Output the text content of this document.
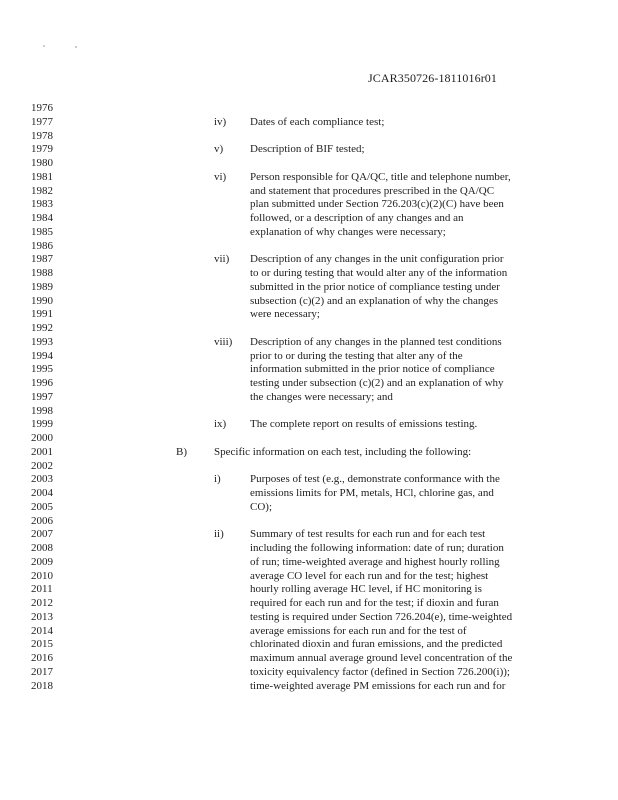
JCAR350726-1811016r01
1976
1977
1978
1979
1980
1981
1982
1983
1984
1985
1986
1987
1988
1989
1990
1991
1992
1993
1994
1995
1996
1997
1998
1999
2000
2001
2002
2003
2004
2005
2006
2007
2008
2009
2010
2011
2012
2013
2014
2015
2016
2017
2018
iv) Dates of each compliance test;
v) Description of BIF tested;
vi) Person responsible for QA/QC, title and telephone number,
and statement that procedures prescribed in the QA/QC
plan submitted under Section 726.203(c)(2)(C) have been
followed, or a description of any changes and an
explanation of why changes were necessary;
vii) Description of any changes in the unit configuration prior
to or during testing that would alter any of the information
submitted in the prior notice of compliance testing under
subsection (c)(2) and an explanation of why the changes
were necessary;
viii) Description of any changes in the planned test conditions
prior to or during the testing that alter any of the
information submitted in the prior notice of compliance
testing under subsection (c)(2) and an explanation of why
the changes were necessary; and
ix) The complete report on results of emissions testing.
B) Specific information on each test, including the following:
i)	Purposes of test (e.g., demonstrate conformance with the
emissions limits for PM, metals, HCl, chlorine gas, and
CO);
ii) Summary of test results for each run and for each test
including the following information: date of run; duration
of run; time-weighted average and highest hourly rolling
average CO level for each run and for the test; highest
hourly rolling average HC level, if HC monitoring is
required for each run and for the test; if dioxin and furan
testing is required under Section 726.204(e), time-weighted
average emissions for each run and for the test of
chlorinated dioxin and furan emissions, and the predicted
maximum annual average ground level concentration of the
toxicity equivalency factor (defined in Section 726.200(i));
time-weighted average PM emissions for each run and for
